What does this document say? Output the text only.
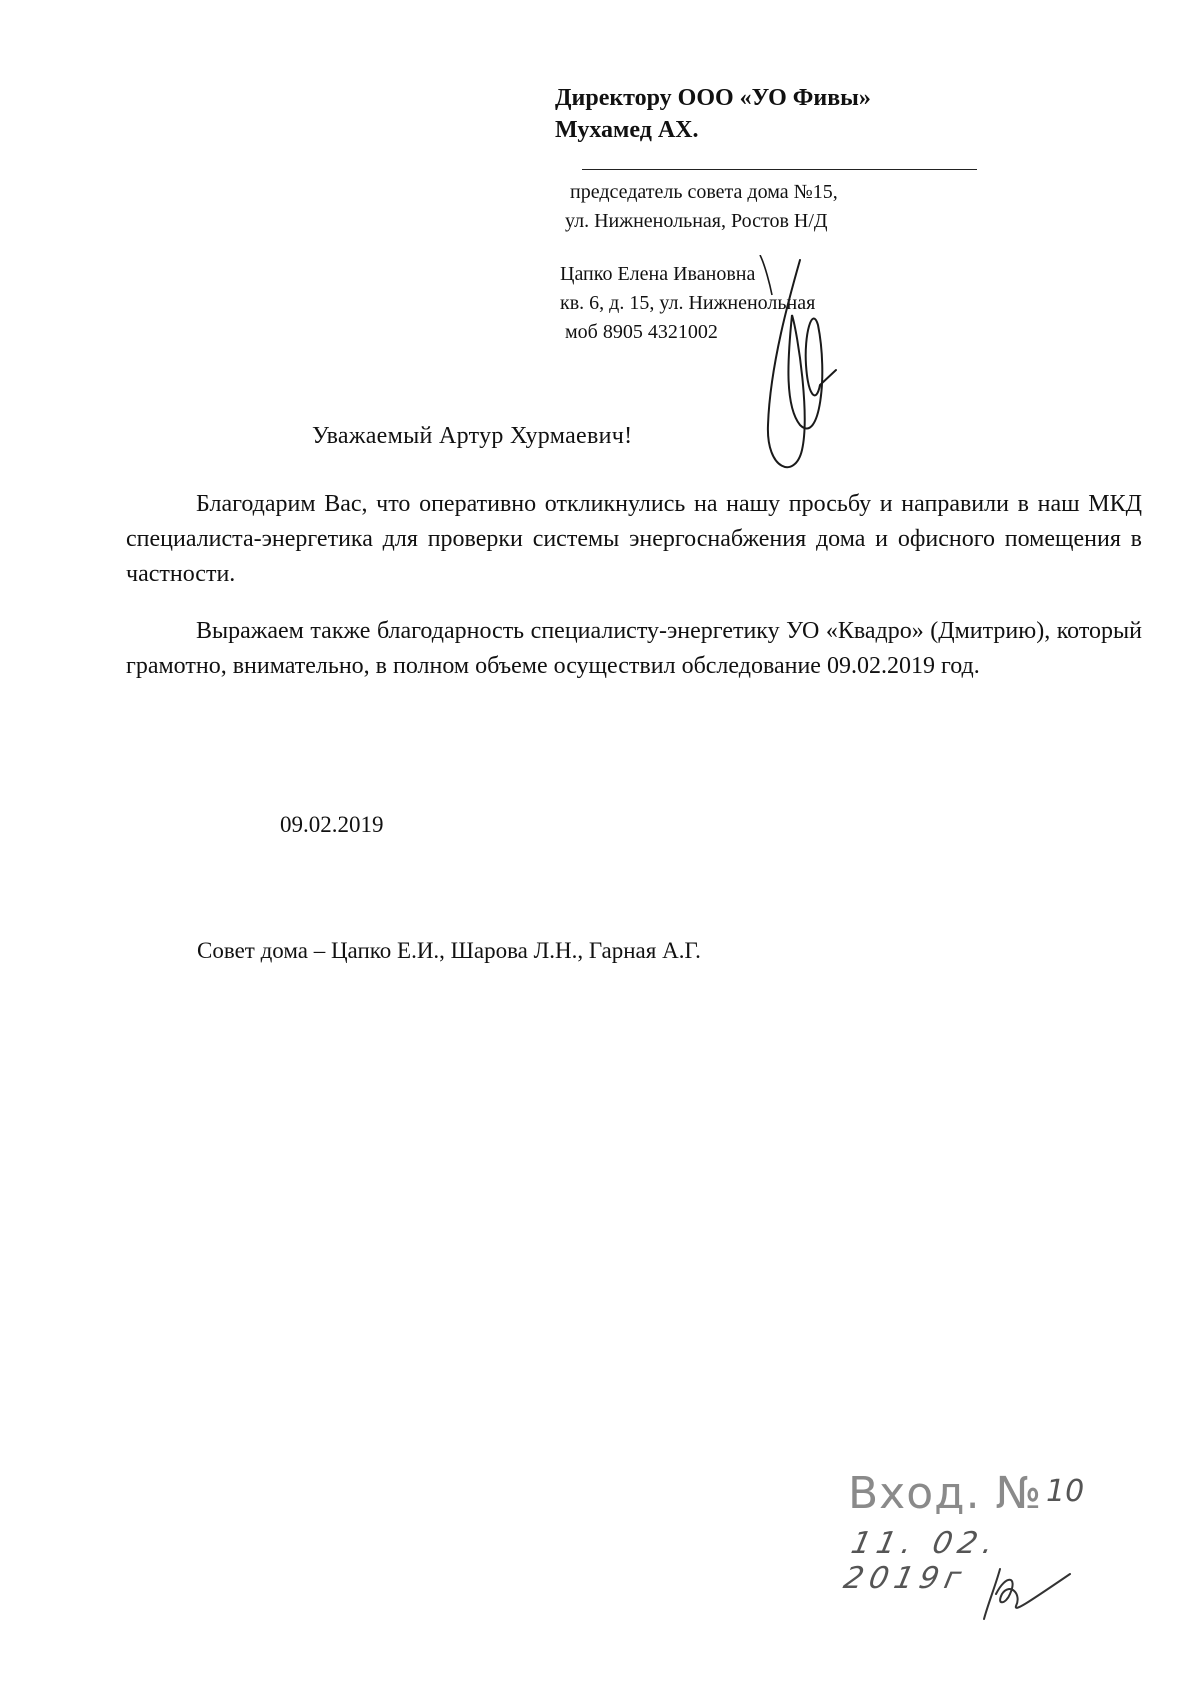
Директору ООО «УО Фивы»
Мухамед АХ.
председатель совета дома №15,
ул. Нижненольная, Ростов Н/Д
Цапко Елена Ивановна
кв. 6, д. 15, ул. Нижненольная
моб 8905 4321002
Уважаемый Артур Хурмаевич!
Благодарим Вас, что оперативно откликнулись на нашу просьбу и направили в наш МКД специалиста-энергетика для проверки системы энергоснабжения дома и офисного помещения в частности.
Выражаем также благодарность специалисту-энергетику УО «Квадро» (Дмитрию), который грамотно, внимательно, в полном объеме осуществил обследование 09.02.2019 год.
09.02.2019
Совет дома – Цапко Е.И., Шарова Л.Н., Гарная А.Г.
Вход. № 10
11. 02. 2019г
